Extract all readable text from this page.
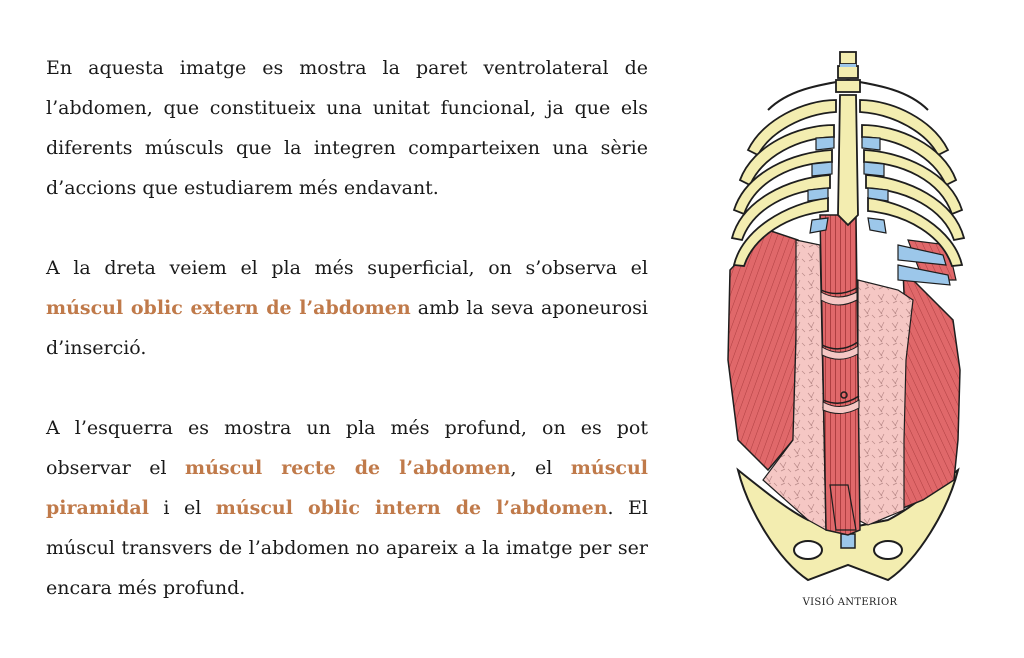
En aquesta imatge es mostra la paret ventrolateral de l’abdomen, que constitueix una unitat funcional, ja que els diferents músculs que la integren comparteixen una sèrie d’accions que estudiarem més endavant.

A la dreta veiem el pla més superficial, on s’observa el múscul oblic extern de l’abdomen amb la seva aponeurosi d’inserció.

A l’esquerra es mostra un pla més profund, on es pot observar el múscul recte de l’abdomen, el múscul piramidal i el múscul oblic intern de l’abdomen. El múscul transvers de l’abdomen no apareix a la imatge per ser encara més profund.

VISIÓ ANTERIOR
